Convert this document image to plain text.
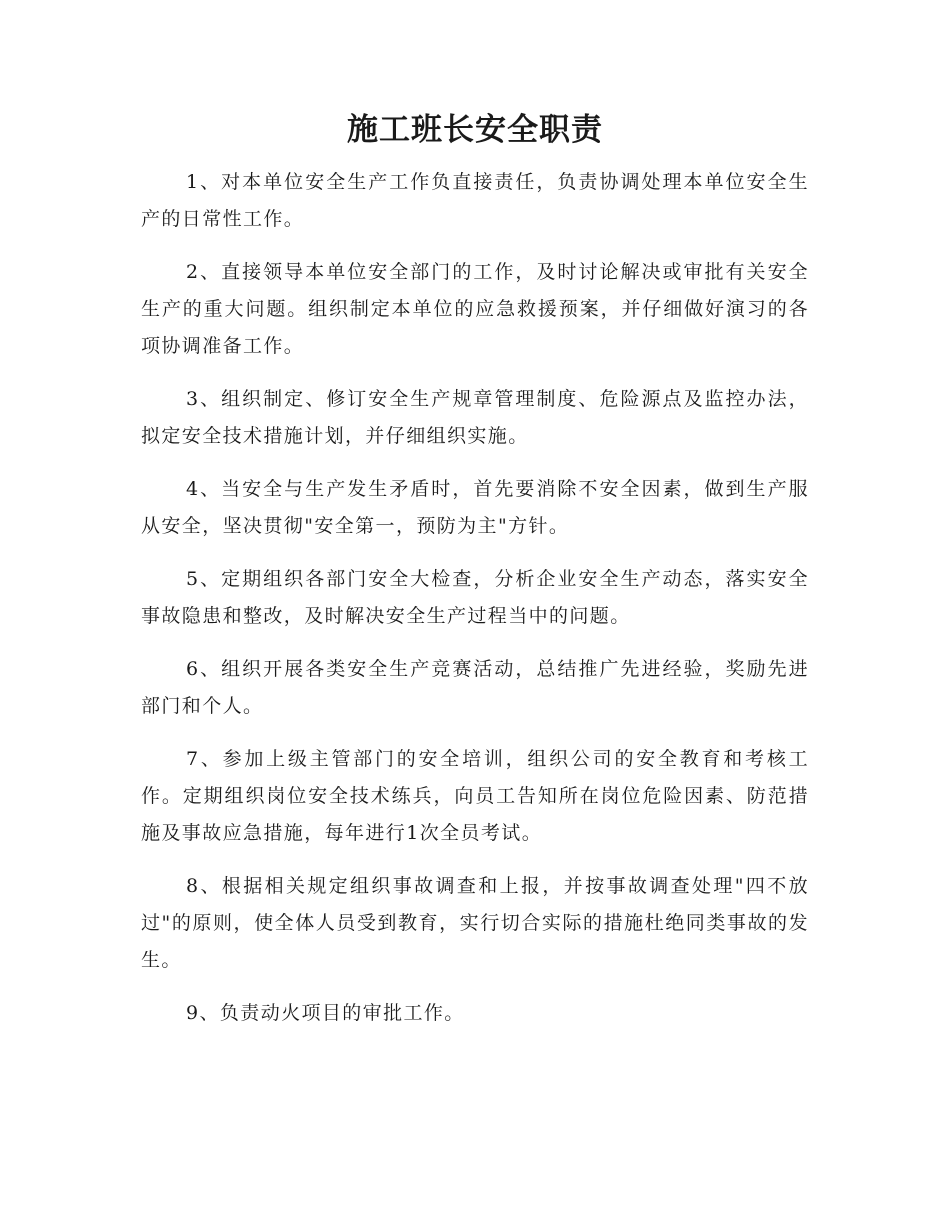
施工班长安全职责

1、对本单位安全生产工作负直接责任，负责协调处理本单位安全生产的日常性工作。

2、直接领导本单位安全部门的工作，及时讨论解决或审批有关安全生产的重大问题。组织制定本单位的应急救援预案，并仔细做好演习的各项协调准备工作。

3、组织制定、修订安全生产规章管理制度、危险源点及监控办法，拟定安全技术措施计划，并仔细组织实施。

4、当安全与生产发生矛盾时，首先要消除不安全因素，做到生产服从安全，坚决贯彻"安全第一，预防为主"方针。

5、定期组织各部门安全大检查，分析企业安全生产动态，落实安全事故隐患和整改，及时解决安全生产过程当中的问题。

6、组织开展各类安全生产竞赛活动，总结推广先进经验，奖励先进部门和个人。

7、参加上级主管部门的安全培训，组织公司的安全教育和考核工作。定期组织岗位安全技术练兵，向员工告知所在岗位危险因素、防范措施及事故应急措施，每年进行1次全员考试。

8、根据相关规定组织事故调查和上报，并按事故调查处理"四不放过"的原则，使全体人员受到教育，实行切合实际的措施杜绝同类事故的发生。

9、负责动火项目的审批工作。
